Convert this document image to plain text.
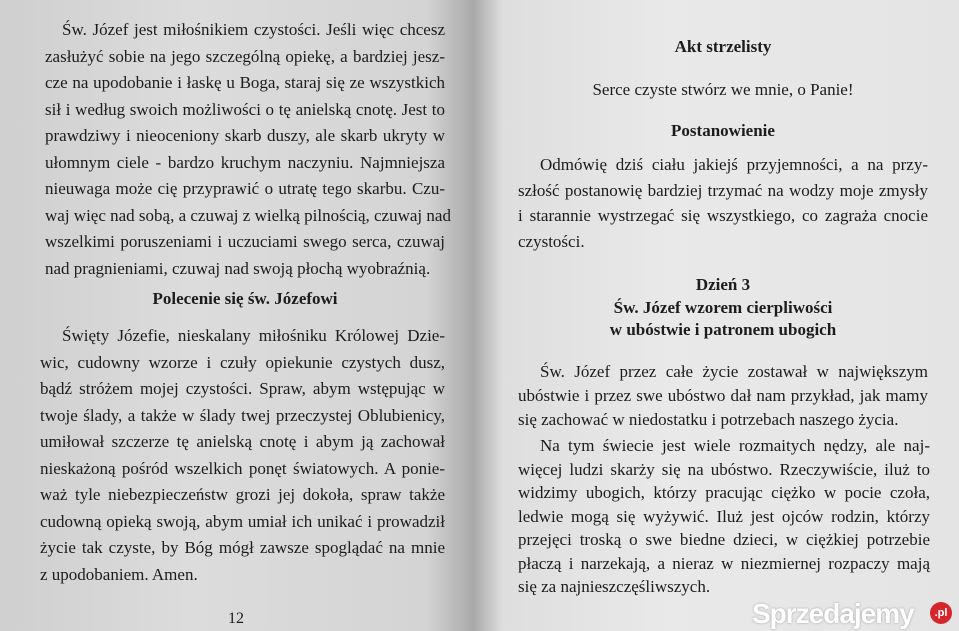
Św. Józef jest miłośnikiem czystości. Jeśli więc chcesz
zasłużyć sobie na jego szczególną opiekę, a bardziej jesz-
cze na upodobanie i łaskę u Boga, staraj się ze wszystkich
sił i według swoich możliwości o tę anielską cnotę. Jest to
prawdziwy i nieoceniony skarb duszy, ale skarb ukryty w
ułomnym ciele - bardzo kruchym naczyniu. Najmniejsza
nieuwaga może cię przyprawić o utratę tego skarbu. Czu-
waj więc nad sobą, a czuwaj z wielką pilnością, czuwaj nad
wszelkimi poruszeniami i uczuciami swego serca, czuwaj
nad pragnieniami, czuwaj nad swoją płochą wyobraźnią.
Polecenie się św. Józefowi
Święty Józefie, nieskalany miłośniku Królowej Dzie-
wic, cudowny wzorze i czuły opiekunie czystych dusz,
bądź stróżem mojej czystości. Spraw, abym wstępując w
twoje ślady, a także w ślady twej przeczystej Oblubienicy,
umiłował szczerze tę anielską cnotę i abym ją zachował
nieskażoną pośród wszelkich ponęt światowych. A ponie-
waż tyle niebezpieczeństw grozi jej dokoła, spraw także
cudowną opieką swoją, abym umiał ich unikać i prowadził
życie tak czyste, by Bóg mógł zawsze spoglądać na mnie
z upodobaniem. Amen.
12
Akt strzelisty
Serce czyste stwórz we mnie, o Panie!
Postanowienie
Odmówię dziś ciału jakiejś przyjemności, a na przy-
szłość postanowię bardziej trzymać na wodzy moje zmysły
i starannie wystrzegać się wszystkiego, co zagraża cnocie
czystości.
Dzień 3
Św. Józef wzorem cierpliwości
w ubóstwie i patronem ubogich
Św. Józef przez całe życie zostawał w największym
ubóstwie i przez swe ubóstwo dał nam przykład, jak mamy
się zachować w niedostatku i potrzebach naszego życia.
Na tym świecie jest wiele rozmaitych nędzy, ale naj-
więcej ludzi skarży się na ubóstwo. Rzeczywiście, iluż to
widzimy ubogich, którzy pracując ciężko w pocie czoła,
ledwie mogą się wyżywić. Iluż jest ojców rodzin, którzy
przejęci troską o swe biedne dzieci, w ciężkiej potrzebie
płaczą i narzekają, a nieraz w niezmiernej rozpaczy mają
się za najnieszczęśliwszych.
Sprzedajemy	.pl
